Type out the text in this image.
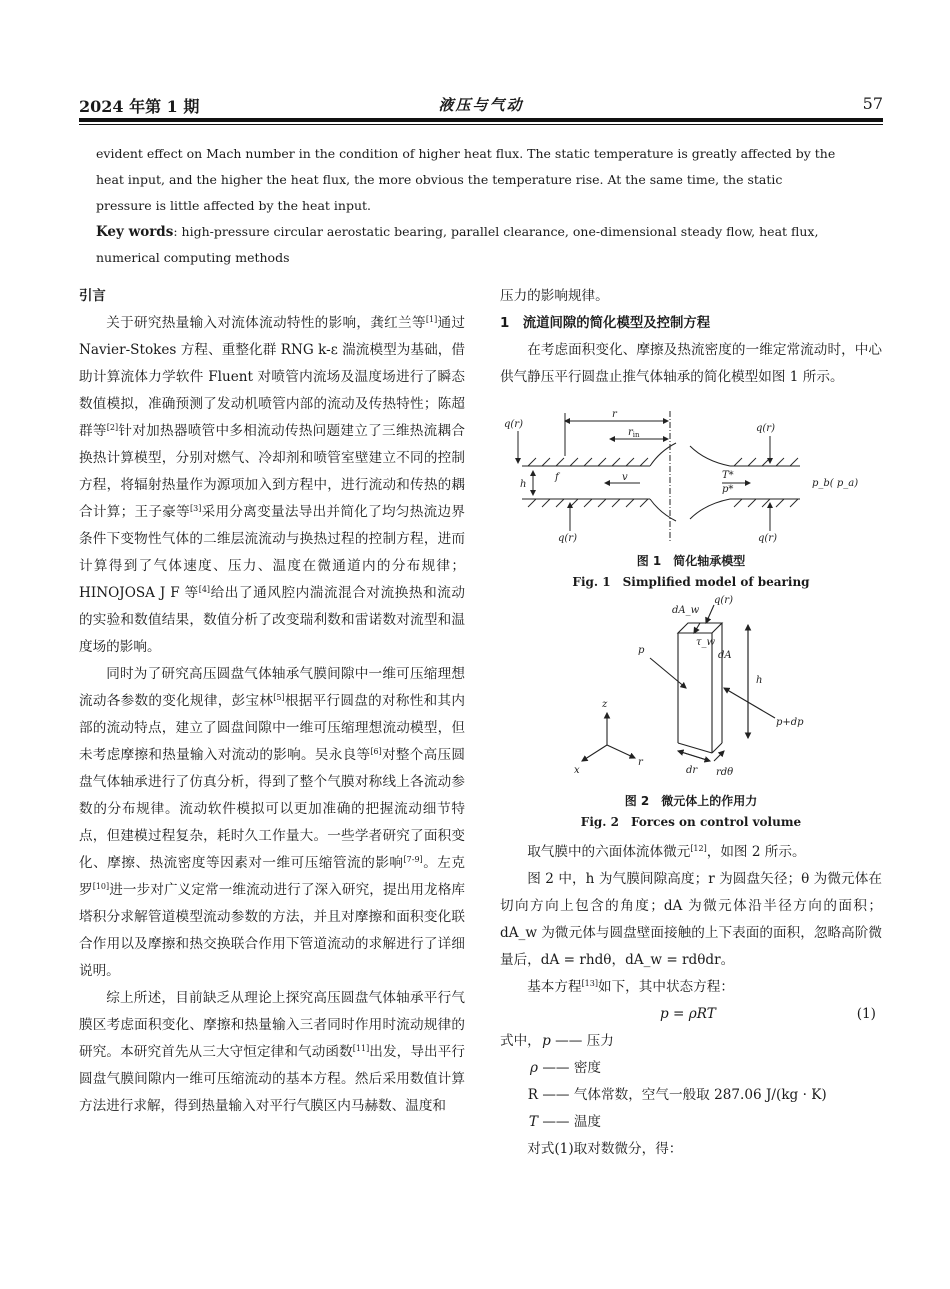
2024 年第 1 期	液压与气动	57
evident effect on Mach number in the condition of higher heat flux. The static temperature is greatly affected by the
heat input, and the higher the heat flux, the more obvious the temperature rise. At the same time, the static
pressure is little affected by the heat input.
Key words: high-pressure circular aerostatic bearing, parallel clearance, one-dimensional steady flow, heat flux,
numerical computing methods

引言

关于研究热量输入对流体流动特性的影响，龚红兰等[1]通过 Navier-Stokes 方程、重整化群 RNG k-ε 湍流模型为基础，借助计算流体力学软件 Fluent 对喷管内流场及温度场进行了瞬态数值模拟，准确预测了发动机喷管内部的流动及传热特性；陈超群等[2]针对加热器喷管中多相流动传热问题建立了三维热流耦合换热计算模型，分别对燃气、冷却剂和喷管室壁建立不同的控制方程，将辐射热量作为源项加入到方程中，进行流动和传热的耦合计算；王子豪等[3]采用分离变量法导出并简化了均匀热流边界条件下变物性气体的二维层流流动与换热过程的控制方程，进而计算得到了气体速度、压力、温度在微通道内的分布规律；HINOJOSA J F 等[4]给出了通风腔内湍流混合对流换热和流动的实验和数值结果，数值分析了改变瑞利数和雷诺数对流型和温度场的影响。

同时为了研究高压圆盘气体轴承气膜间隙中一维可压缩理想流动各参数的变化规律，彭宝林[5]根据平行圆盘的对称性和其内部的流动特点，建立了圆盘间隙中一维可压缩理想流动模型，但未考虑摩擦和热量输入对流动的影响。吴永良等[6]对整个高压圆盘气体轴承进行了仿真分析，得到了整个气膜对称线上各流动参数的分布规律。流动软件模拟可以更加准确的把握流动细节特点，但建模过程复杂，耗时久工作量大。一些学者研究了面积变化、摩擦、热流密度等因素对一维可压缩管流的影响[7-9]。左克罗[10]进一步对广义定常一维流动进行了深入研究，提出用龙格库塔积分求解管道模型流动参数的方法，并且对摩擦和面积变化联合作用以及摩擦和热交换联合作用下管道流动的求解进行了详细说明。

综上所述，目前缺乏从理论上探究高压圆盘气体轴承平行气膜区考虑面积变化、摩擦和热量输入三者同时作用时流动规律的研究。本研究首先从三大守恒定律和气动函数[11]出发，导出平行圆盘气膜间隙内一维可压缩流动的基本方程。然后采用数值计算方法进行求解，得到热量输入对平行气膜区内马赫数、温度和

压力的影响规律。

1　流道间隙的简化模型及控制方程

在考虑面积变化、摩擦及热流密度的一维定常流动时，中心供气静压平行圆盘止推气体轴承的简化模型如图 1 所示。

q(r)	q(r)
q(r)	q(r)
r
$r_{in}$
h
f	v	T*
p*
p_b( p_a)

图 1　简化轴承模型

Fig. 1　Simplified model of bearing

dA_w
q(r)
τ_w
p	dA
h
z
x
r
p+dp
dr rdθ

图 2　微元体上的作用力

Fig. 2　Forces on control volume

取气膜中的六面体流体微元[12]，如图 2 所示。

图 2 中，h 为气膜间隙高度；r 为圆盘矢径；θ 为微元体在切向方向上包含的角度；dA 为微元体沿半径方向的面积；dA_w 为微元体与圆盘壁面接触的上下表面的面积，忽略高阶微量后，dA = rhdθ，dA_w = rdθdr。

基本方程[13]如下，其中状态方程：

p = ρRT	(1)
式中，p —— 压力
ρ —— 密度
R —— 气体常数，空气一般取 287.06 J/(kg · K)
T —— 温度

对式(1)取对数微分，得：
